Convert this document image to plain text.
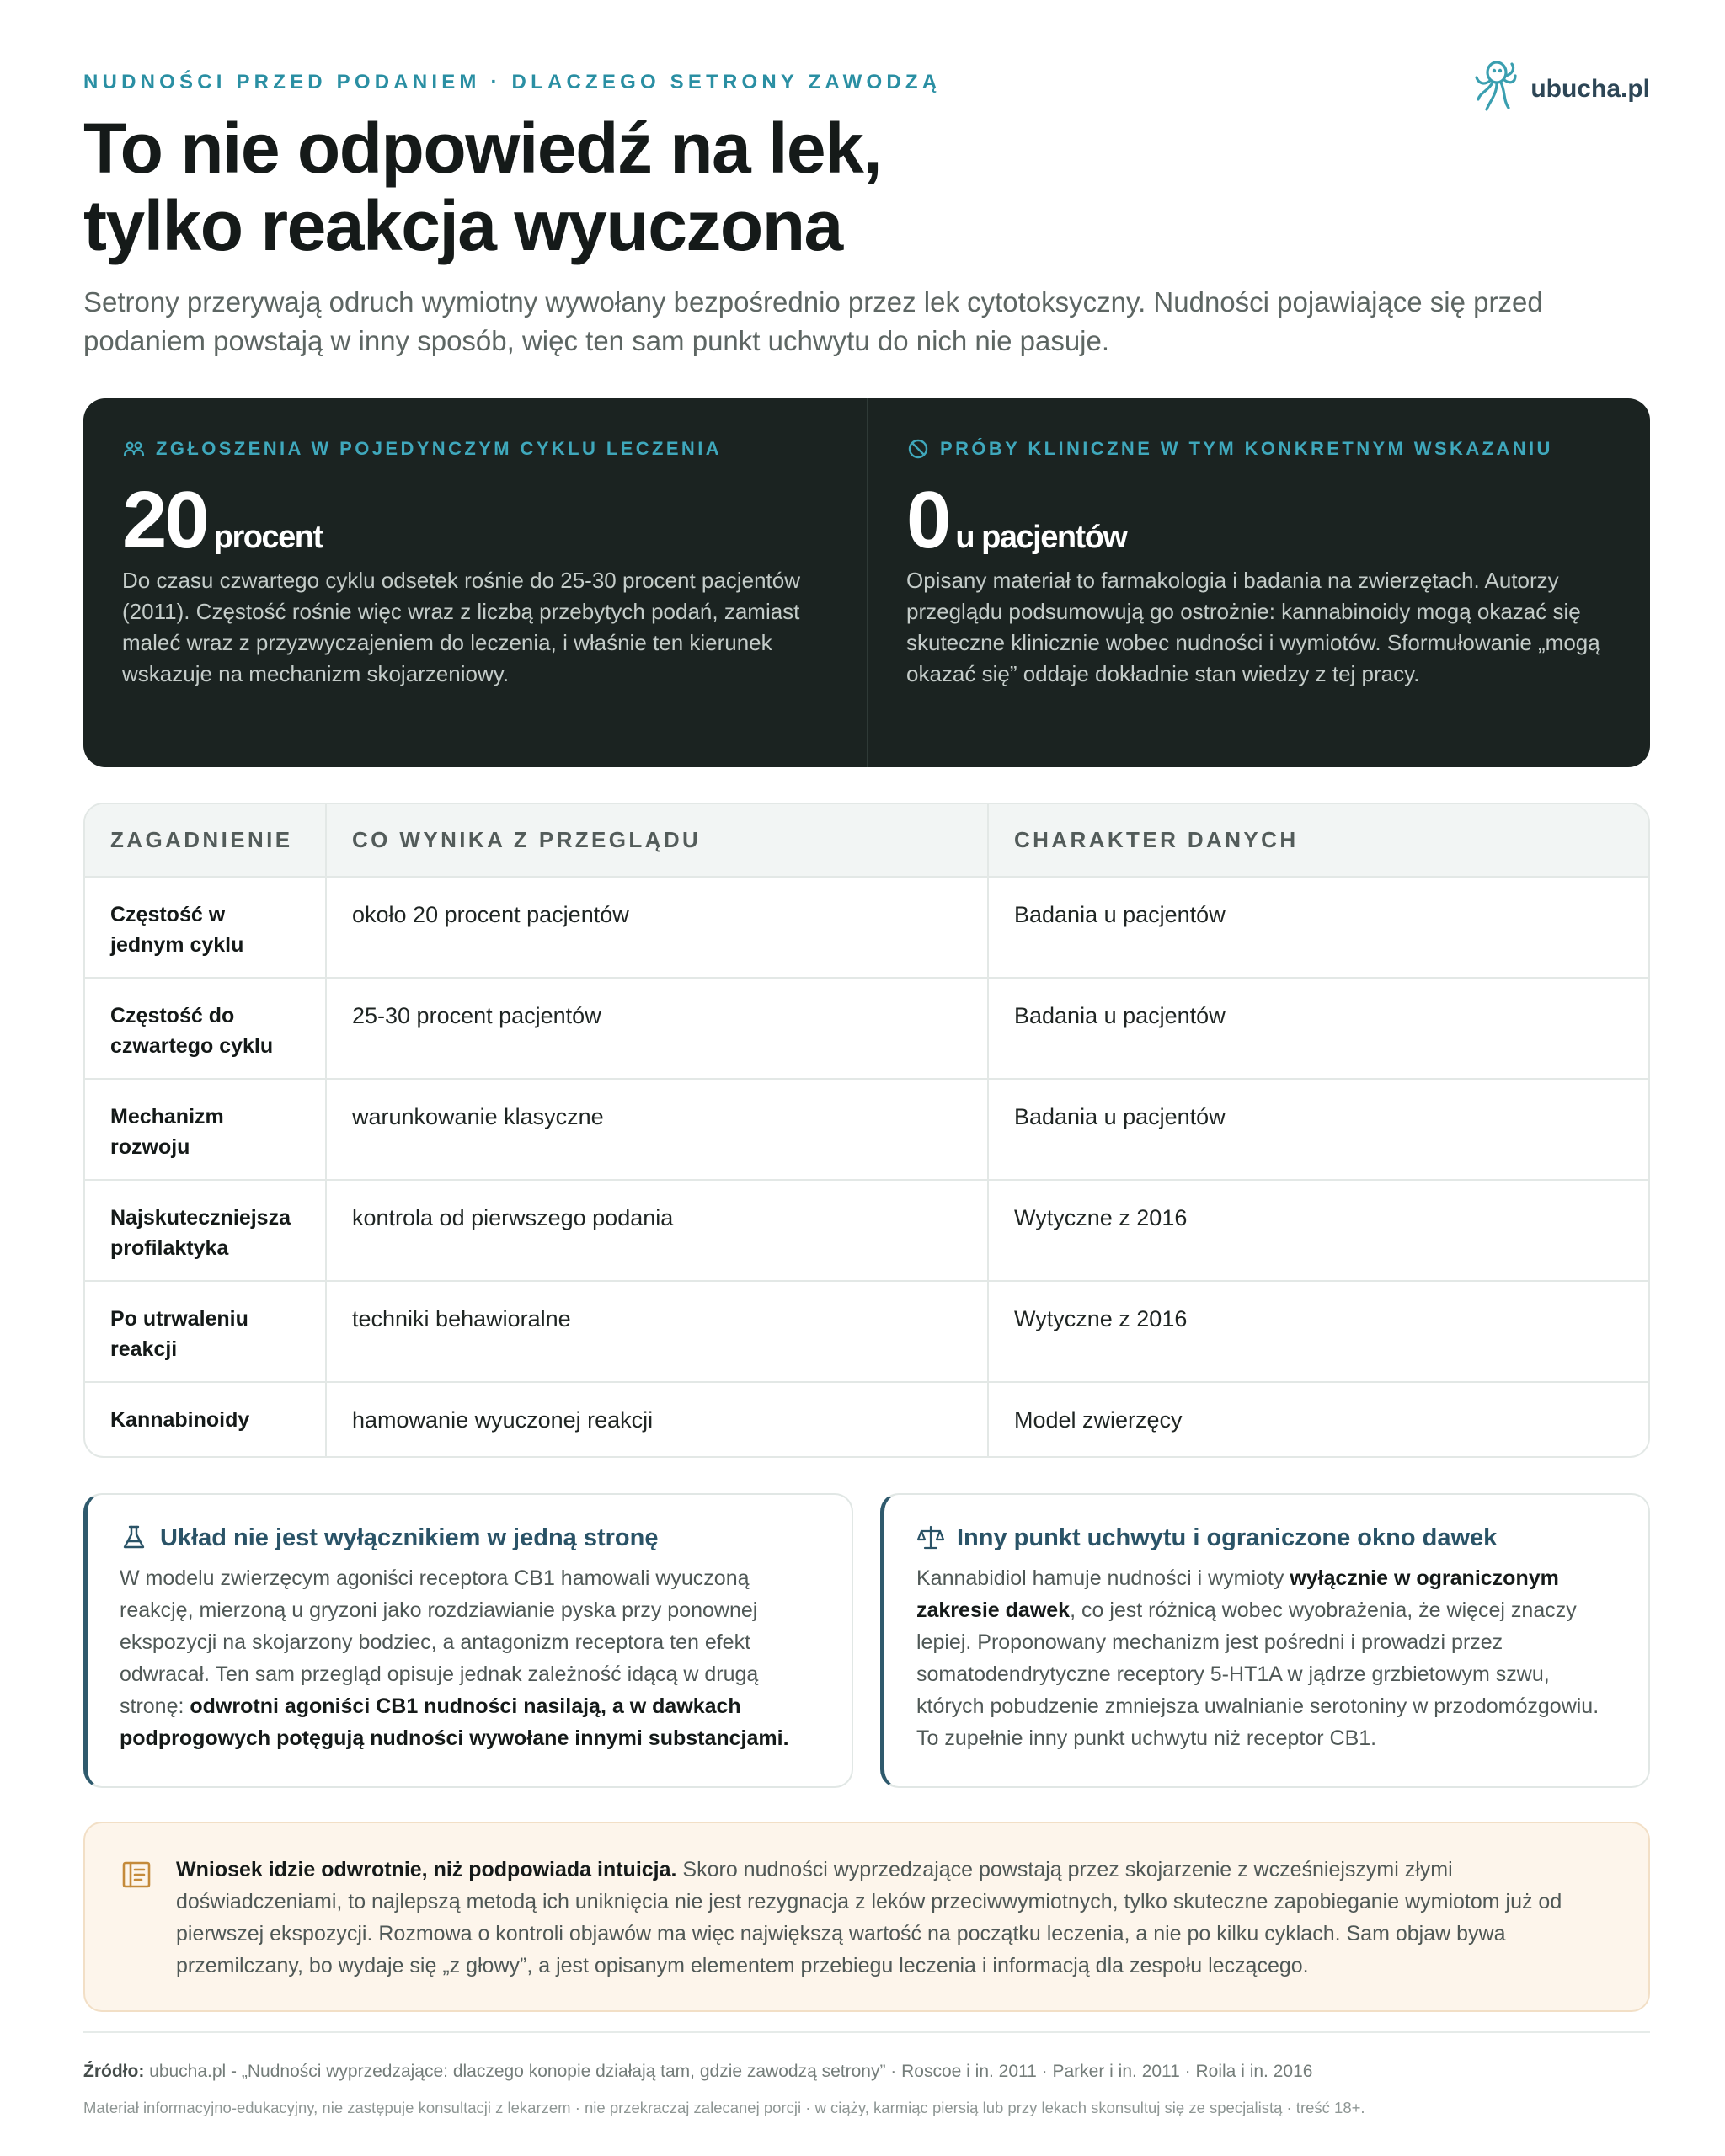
NUDNOŚCI PRZED PODANIEM · DLACZEGO SETRONY ZAWODZĄ	ubucha.pl
To nie odpowiedź na lek,
tylko reakcja wyuczona

Setrony przerywają odruch wymiotny wywołany bezpośrednio przez lek cytotoksyczny. Nudności pojawiające się przed podaniem powstają w inny sposób, więc ten sam punkt uchwytu do nich nie pasuje.

ZGŁOSZENIA W POJEDYNCZYM CYKLU LECZENIA
20 procent

Do czasu czwartego cyklu odsetek rośnie do 25-30 procent pacjentów (2011). Częstość rośnie więc wraz z liczbą przebytych podań, zamiast maleć wraz z przyzwyczajeniem do leczenia, i właśnie ten kierunek wskazuje na mechanizm skojarzeniowy.

PRÓBY KLINICZNE W TYM KONKRETNYM WSKAZANIU
0 u pacjentów

Opisany materiał to farmakologia i badania na zwierzętach. Autorzy przeglądu podsumowują go ostrożnie: kannabinoidy mogą okazać się skuteczne klinicznie wobec nudności i wymiotów. Sformułowanie „mogą okazać się” oddaje dokładnie stan wiedzy z tej pracy.

ZAGADNIENIE	CO WYNIKA Z PRZEGLĄDU	CHARAKTER DANYCH
Częstość w jednym cyklu	około 20 procent pacjentów	Badania u pacjentów
Częstość do czwartego cyklu	25-30 procent pacjentów	Badania u pacjentów
Mechanizm rozwoju	warunkowanie klasyczne	Badania u pacjentów
Najskuteczniejsza profilaktyka	kontrola od pierwszego podania	Wytyczne z 2016
Po utrwaleniu reakcji	techniki behawioralne	Wytyczne z 2016
Kannabinoidy	hamowanie wyuczonej reakcji	Model zwierzęcy
Układ nie jest wyłącznikiem w jedną stronę

W modelu zwierzęcym agoniści receptora CB1 hamowali wyuczoną reakcję, mierzoną u gryzoni jako rozdziawianie pyska przy ponownej ekspozycji na skojarzony bodziec, a antagonizm receptora ten efekt odwracał. Ten sam przegląd opisuje jednak zależność idącą w drugą stronę: odwrotni agoniści CB1 nudności nasilają, a w dawkach podprogowych potęgują nudności wywołane innymi substancjami.

Inny punkt uchwytu i ograniczone okno dawek

Kannabidiol hamuje nudności i wymioty wyłącznie w ograniczonym zakresie dawek, co jest różnicą wobec wyobrażenia, że więcej znaczy lepiej. Proponowany mechanizm jest pośredni i prowadzi przez somatodendrytyczne receptory 5-HT1A w jądrze grzbietowym szwu, których pobudzenie zmniejsza uwalnianie serotoniny w przodomózgowiu. To zupełnie inny punkt uchwytu niż receptor CB1.

Wniosek idzie odwrotnie, niż podpowiada intuicja. Skoro nudności wyprzedzające powstają przez skojarzenie z wcześniejszymi złymi doświadczeniami, to najlepszą metodą ich uniknięcia nie jest rezygnacja z leków przeciwwymiotnych, tylko skuteczne zapobieganie wymiotom już od pierwszej ekspozycji. Rozmowa o kontroli objawów ma więc największą wartość na początku leczenia, a nie po kilku cyklach. Sam objaw bywa przemilczany, bo wydaje się „z głowy”, a jest opisanym elementem przebiegu leczenia i informacją dla zespołu leczącego.

Źródło: ubucha.pl - „Nudności wyprzedzające: dlaczego konopie działają tam, gdzie zawodzą setrony” · Roscoe i in. 2011 · Parker i in. 2011 · Roila i in. 2016

Materiał informacyjno-edukacyjny, nie zastępuje konsultacji z lekarzem · nie przekraczaj zalecanej porcji · w ciąży, karmiąc piersią lub przy lekach skonsultuj się ze specjalistą · treść 18+.
